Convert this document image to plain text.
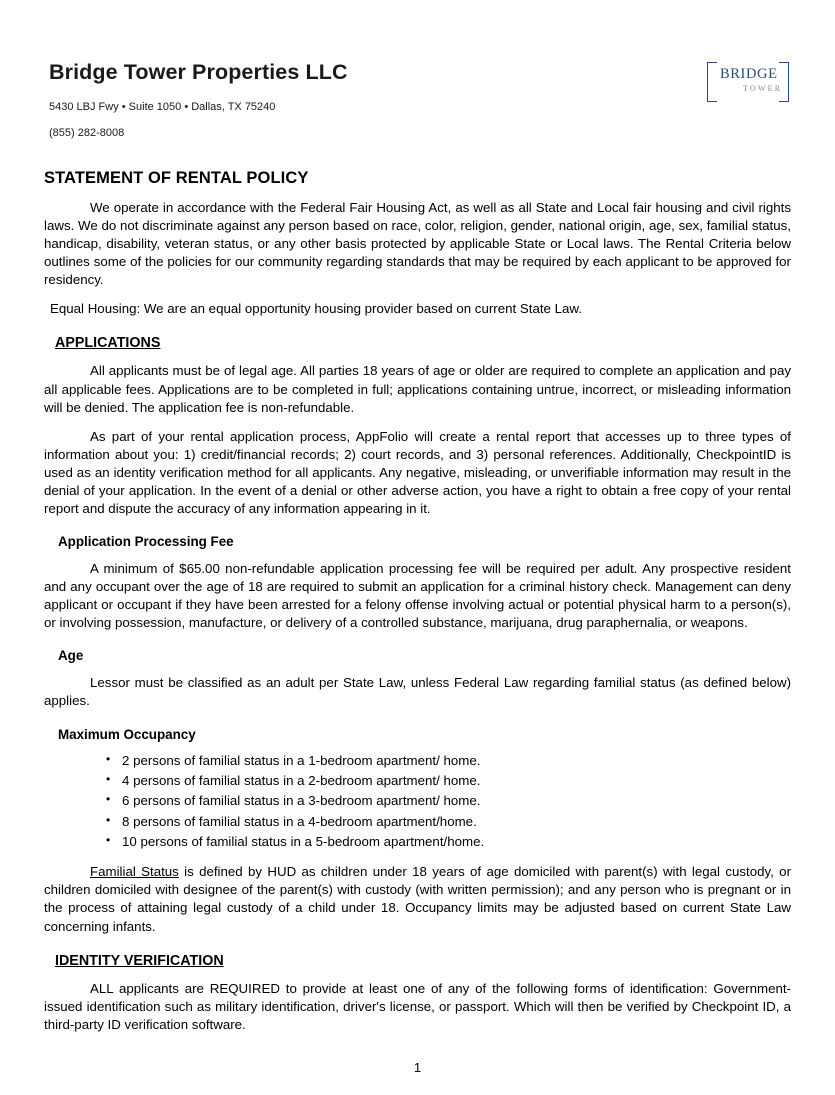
BRIDGE
TOWER
Bridge Tower Properties LLC
5430 LBJ Fwy • Suite 1050 • Dallas, TX 75240
(855) 282-8008
STATEMENT OF RENTAL POLICY

We operate in accordance with the Federal Fair Housing Act, as well as all State and Local fair housing and civil rights laws. We do not discriminate against any person based on race, color, religion, gender, national origin, age, sex, familial status, handicap, disability, veteran status, or any other basis protected by applicable State or Local laws. The Rental Criteria below outlines some of the policies for our community regarding standards that may be required by each applicant to be approved for residency.

Equal Housing: We are an equal opportunity housing provider based on current State Law.

APPLICATIONS

All applicants must be of legal age. All parties 18 years of age or older are required to complete an application and pay all applicable fees. Applications are to be completed in full; applications containing untrue, incorrect, or misleading information will be denied. The application fee is non-refundable.

As part of your rental application process, AppFolio will create a rental report that accesses up to three types of information about you: 1) credit/financial records; 2) court records, and 3) personal references. Additionally, CheckpointID is used as an identity verification method for all applicants. Any negative, misleading, or unverifiable information may result in the denial of your application. In the event of a denial or other adverse action, you have a right to obtain a free copy of your rental report and dispute the accuracy of any information appearing in it.

Application Processing Fee

A minimum of $65.00 non-refundable application processing fee will be required per adult. Any prospective resident and any occupant over the age of 18 are required to submit an application for a criminal history check. Management can deny applicant or occupant if they have been arrested for a felony offense involving actual or potential physical harm to a person(s), or involving possession, manufacture, or delivery of a controlled substance, marijuana, drug paraphernalia, or weapons.

Age

Lessor must be classified as an adult per State Law, unless Federal Law regarding familial status (as defined below) applies.

Maximum Occupancy
• 2 persons of familial status in a 1-bedroom apartment/ home.
• 4 persons of familial status in a 2-bedroom apartment/ home.
• 6 persons of familial status in a 3-bedroom apartment/ home.
• 8 persons of familial status in a 4-bedroom apartment/home.
• 10 persons of familial status in a 5-bedroom apartment/home.

Familial Status is defined by HUD as children under 18 years of age domiciled with parent(s) with legal custody, or children domiciled with designee of the parent(s) with custody (with written permission); and any person who is pregnant or in the process of attaining legal custody of a child under 18. Occupancy limits may be adjusted based on current State Law concerning infants.

IDENTITY VERIFICATION

ALL applicants are REQUIRED to provide at least one of any of the following forms of identification: Government-issued identification such as military identification, driver's license, or passport. Which will then be verified by Checkpoint ID, a third-party ID verification software.

1
